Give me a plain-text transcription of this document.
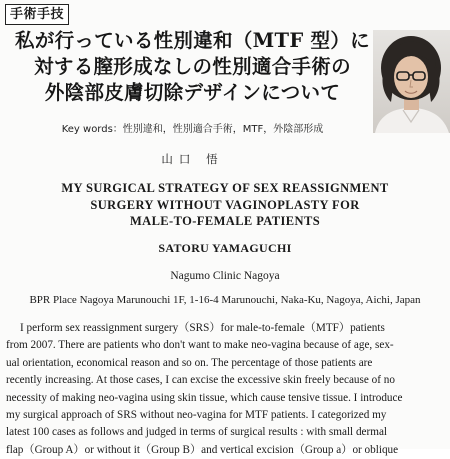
手術手技
私が行っている性別違和（MTF 型）に
対する膣形成なしの性別適合手術の
外陰部皮膚切除デザインについて
Key words：性別違和，性別適合手術，MTF，外陰部形成
山口 悟
MY SURGICAL STRATEGY OF SEX REASSIGNMENT
SURGERY WITHOUT VAGINOPLASTY FOR
MALE-TO-FEMALE PATIENTS
SATORU YAMAGUCHI
Nagumo Clinic Nagoya
BPR Place Nagoya Marunouchi 1F, 1-16-4 Marunouchi, Naka-Ku, Nagoya, Aichi, Japan
I perform sex reassignment surgery（SRS）for male-to-female（MTF）patients
from 2007. There are patients who don't want to make neo-vagina because of age, sex-
ual orientation, economical reason and so on. The percentage of those patients are
recently increasing. At those cases, I can excise the excessive skin freely because of no
necessity of making neo-vagina using skin tissue, which cause tensive tissue. I introduce
my surgical approach of SRS without neo-vagina for MTF patients. I categorized my
latest 100 cases as follows and judged in terms of surgical results : with small dermal
flap（Group A）or without it（Group B）and vertical excision（Group a）or oblique
